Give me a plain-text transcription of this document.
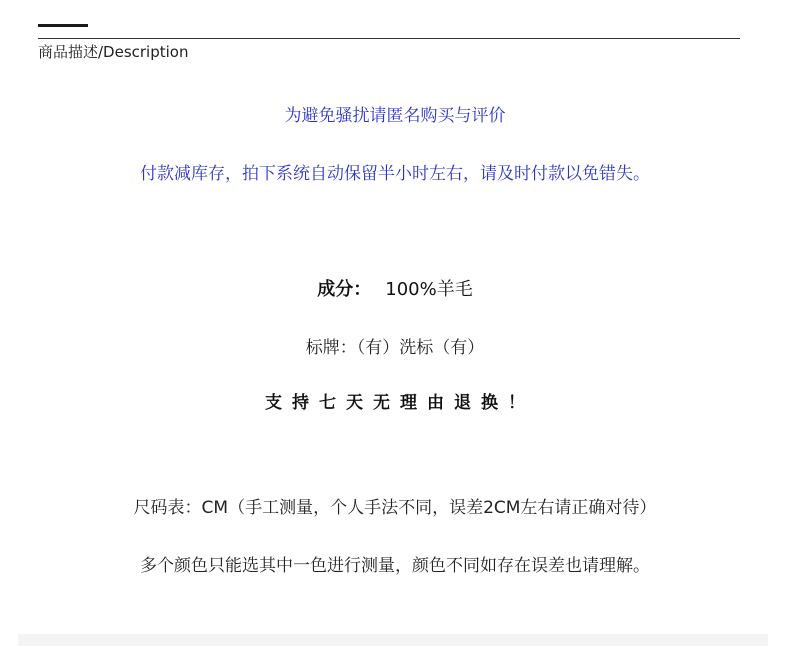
商品描述/Description
为避免骚扰请匿名购买与评价
付款减库存，拍下系统自动保留半小时左右，请及时付款以免错失。
成分： 100%羊毛
标牌：（有）洗标（有）
支持七天无理由退换！
尺码表：CM（手工测量，个人手法不同，误差2CM左右请正确对待）
多个颜色只能选其中一色进行测量，颜色不同如存在误差也请理解。
